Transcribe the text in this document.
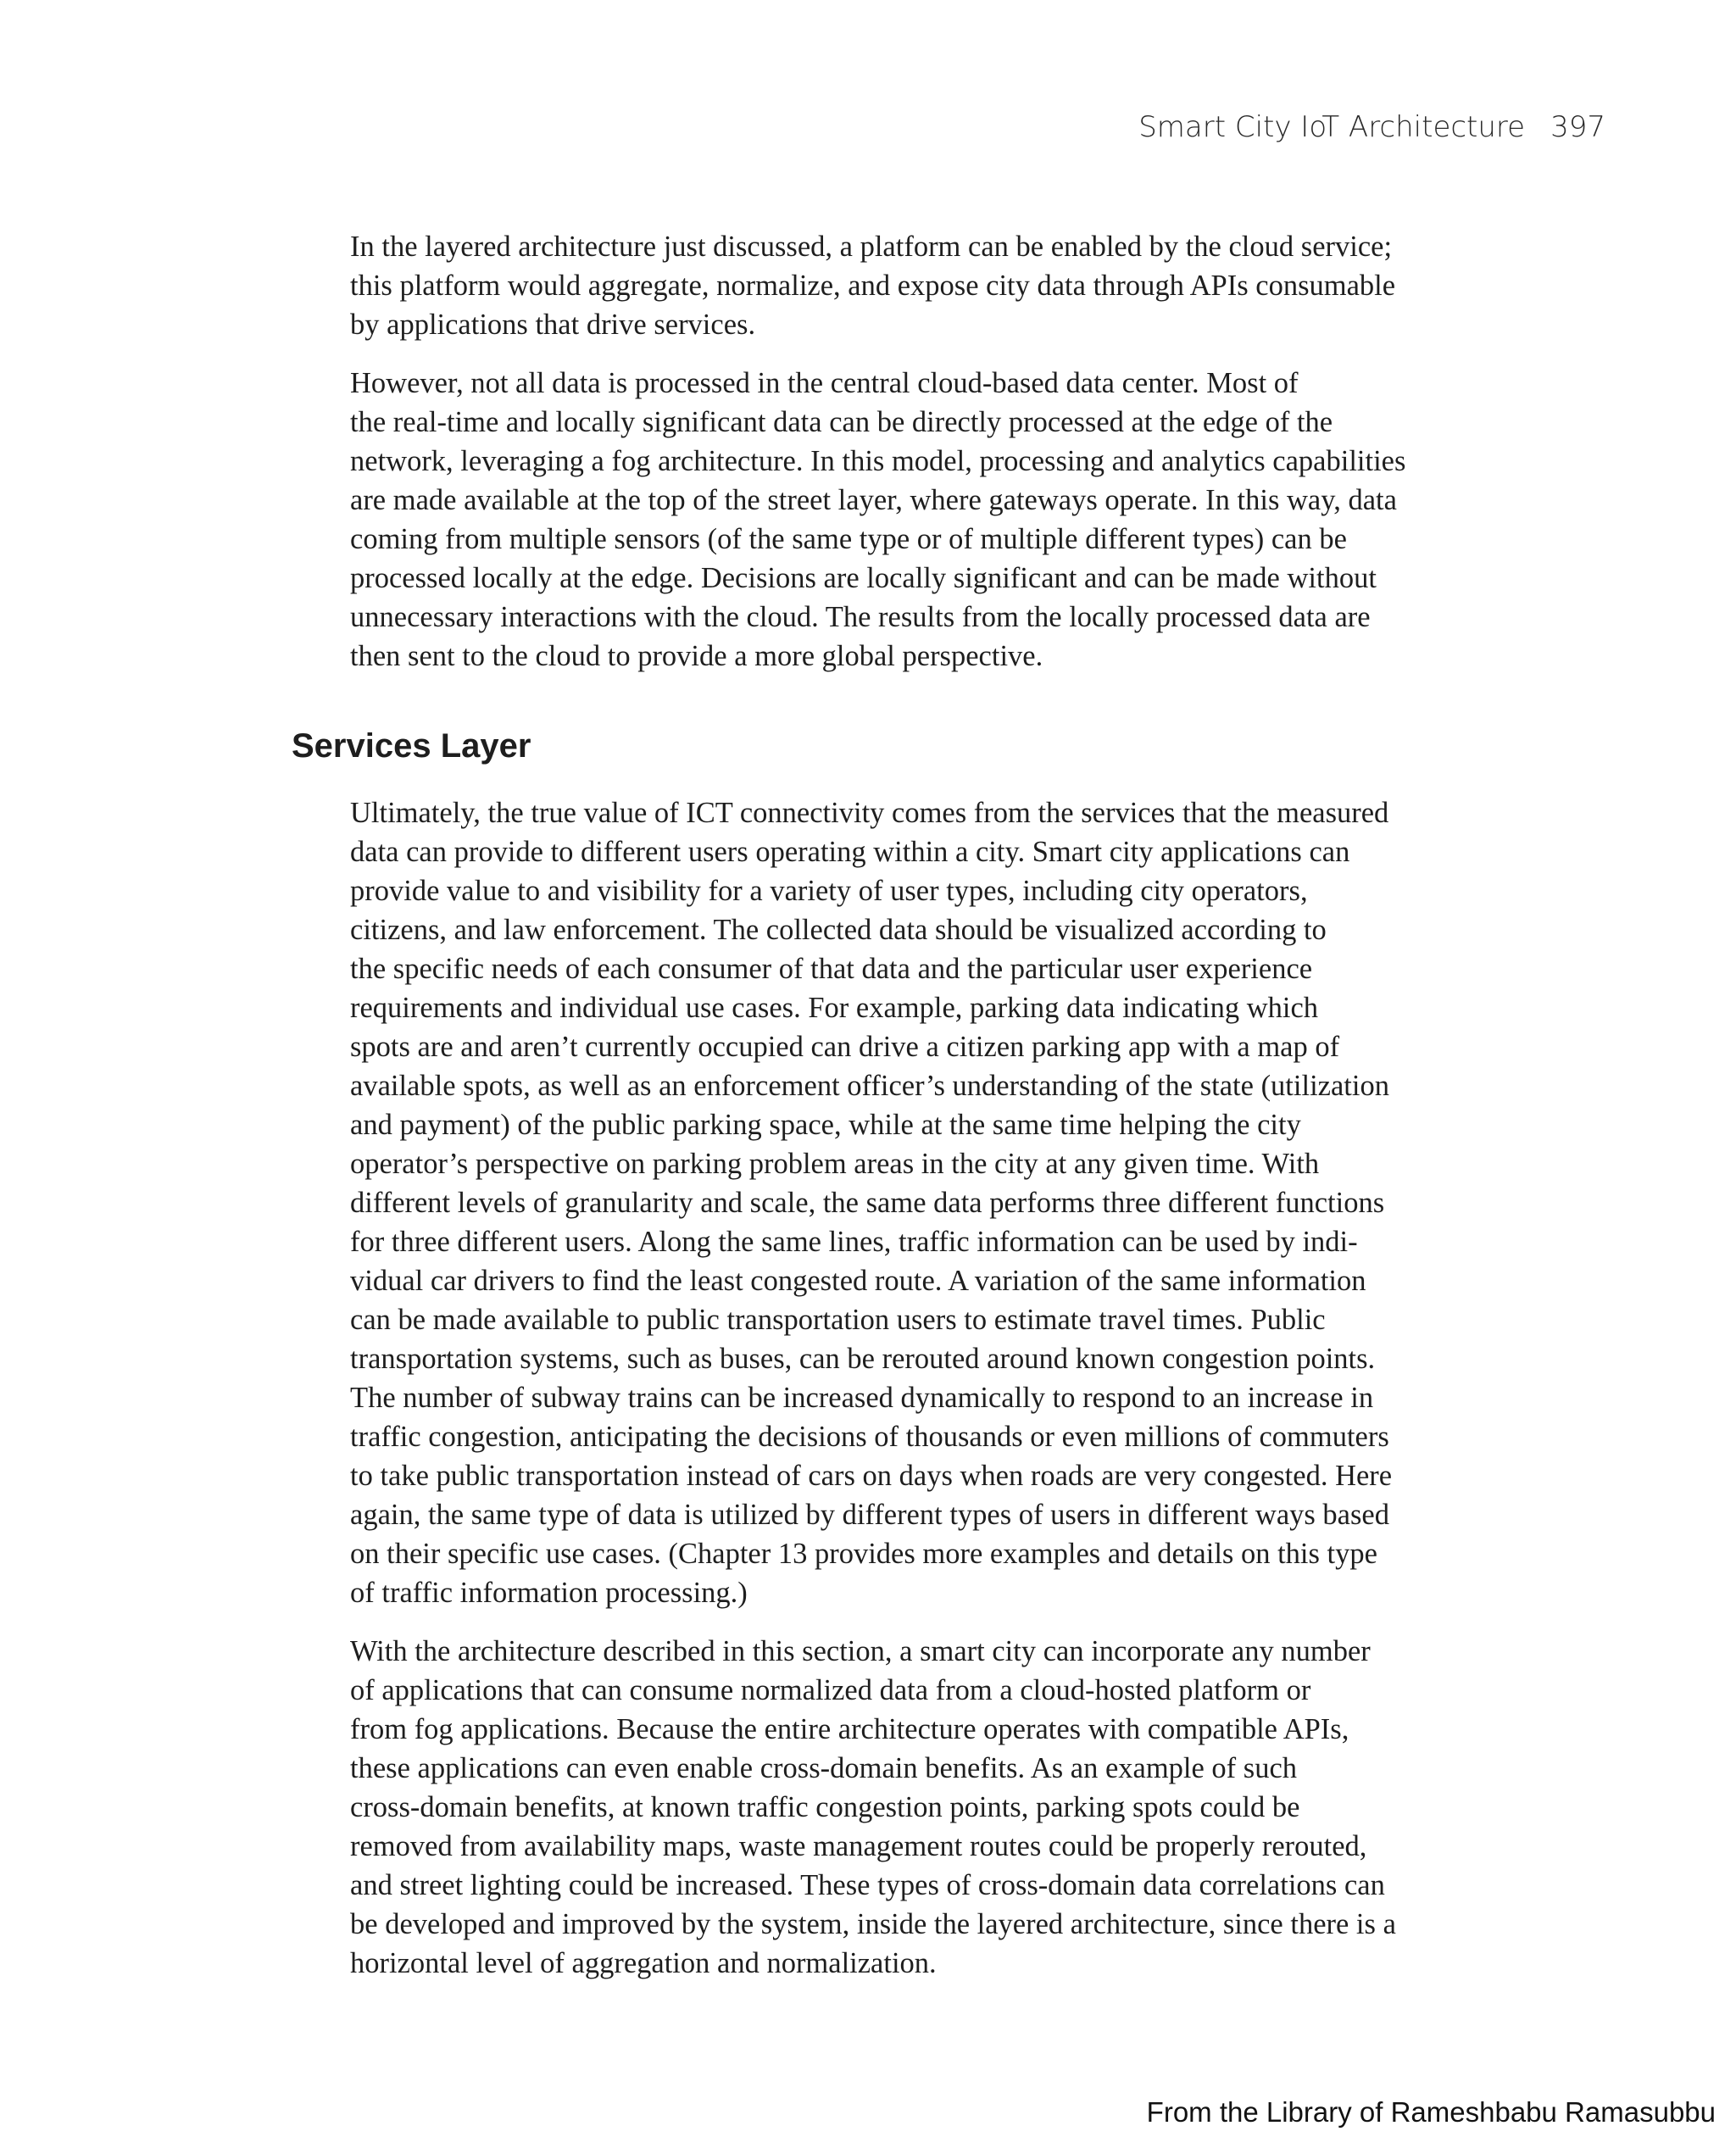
Smart City IoT Architecture 397

In the layered architecture just discussed, a platform can be enabled by the cloud service;
this platform would aggregate, normalize, and expose city data through APIs consumable
by applications that drive services.

However, not all data is processed in the central cloud-based data center. Most of
the real-time and locally significant data can be directly processed at the edge of the
network, leveraging a fog architecture. In this model, processing and analytics capabilities
are made available at the top of the street layer, where gateways operate. In this way, data
coming from multiple sensors (of the same type or of multiple different types) can be
processed locally at the edge. Decisions are locally significant and can be made without
unnecessary interactions with the cloud. The results from the locally processed data are
then sent to the cloud to provide a more global perspective.

Services Layer

Ultimately, the true value of ICT connectivity comes from the services that the measured
data can provide to different users operating within a city. Smart city applications can
provide value to and visibility for a variety of user types, including city operators,
citizens, and law enforcement. The collected data should be visualized according to
the specific needs of each consumer of that data and the particular user experience
requirements and individual use cases. For example, parking data indicating which
spots are and aren’t currently occupied can drive a citizen parking app with a map of
available spots, as well as an enforcement officer’s understanding of the state (utilization
and payment) of the public parking space, while at the same time helping the city
operator’s perspective on parking problem areas in the city at any given time. With
different levels of granularity and scale, the same data performs three different functions
for three different users. Along the same lines, traffic information can be used by indi-
vidual car drivers to find the least congested route. A variation of the same information
can be made available to public transportation users to estimate travel times. Public
transportation systems, such as buses, can be rerouted around known congestion points.
The number of subway trains can be increased dynamically to respond to an increase in
traffic congestion, anticipating the decisions of thousands or even millions of commuters
to take public transportation instead of cars on days when roads are very congested. Here
again, the same type of data is utilized by different types of users in different ways based
on their specific use cases. (Chapter 13 provides more examples and details on this type
of traffic information processing.)

With the architecture described in this section, a smart city can incorporate any number
of applications that can consume normalized data from a cloud-hosted platform or
from fog applications. Because the entire architecture operates with compatible APIs,
these applications can even enable cross-domain benefits. As an example of such
cross-domain benefits, at known traffic congestion points, parking spots could be
removed from availability maps, waste management routes could be properly rerouted,
and street lighting could be increased. These types of cross-domain data correlations can
be developed and improved by the system, inside the layered architecture, since there is a
horizontal level of aggregation and normalization.

From the Library of Rameshbabu Ramasubbu
